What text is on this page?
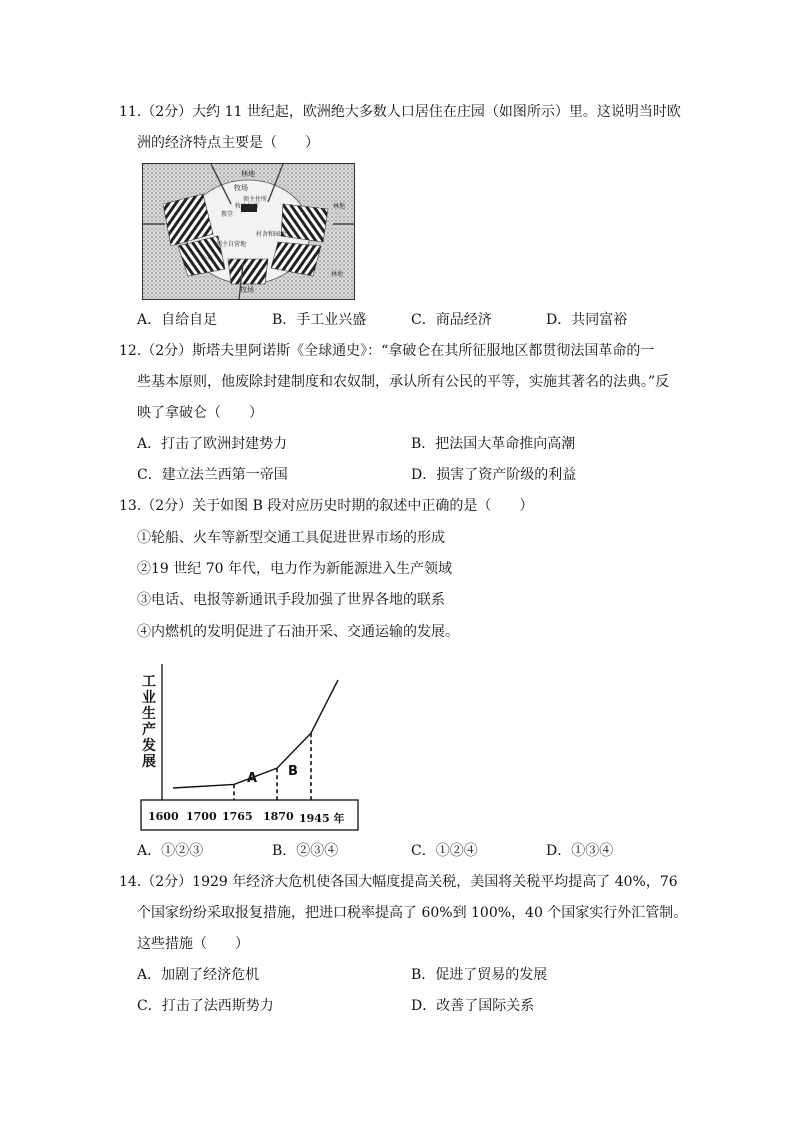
11.（2分）大约 11 世纪起，欧洲绝大多数人口居住在庄园（如图所示）里。这说明当时欧
洲的经济特点主要是（　　）
林地
牧场
领主住所
牧主住所
教堂
村舍和园地
领主自营地
小麦
林地
牧场
林地
A．自给自足	B．手工业兴盛	C．商品经济	D．共同富裕
12.（2分）斯塔夫里阿诺斯《全球通史》：“拿破仑在其所征服地区都贯彻法国革命的一
些基本原则，他废除封建制度和农奴制，承认所有公民的平等，实施其著名的法典。”反
映了拿破仑（　　）
A．打击了欧洲封建势力	B．把法国大革命推向高潮
C．建立法兰西第一帝国	D．损害了资产阶级的利益
13.（2分）关于如图 B 段对应历史时期的叙述中正确的是（　　）
①轮船、火车等新型交通工具促进世界市场的形成
②19 世纪 70 年代，电力作为新能源进入生产领域
③电话、电报等新通讯手段加强了世界各地的联系
④内燃机的发明促进了石油开采、交通运输的发展。
工业生产发展
1600 1700 1765 1870 1945 年
A B
A．①②③	B．②③④	C．①②④	D．①③④
14.（2分）1929 年经济大危机使各国大幅度提高关税，美国将关税平均提高了 40%，76
个国家纷纷采取报复措施，把进口税率提高了 60%到 100%，40 个国家实行外汇管制。
这些措施（　　）
A．加剧了经济危机	B．促进了贸易的发展
C．打击了法西斯势力	D．改善了国际关系
